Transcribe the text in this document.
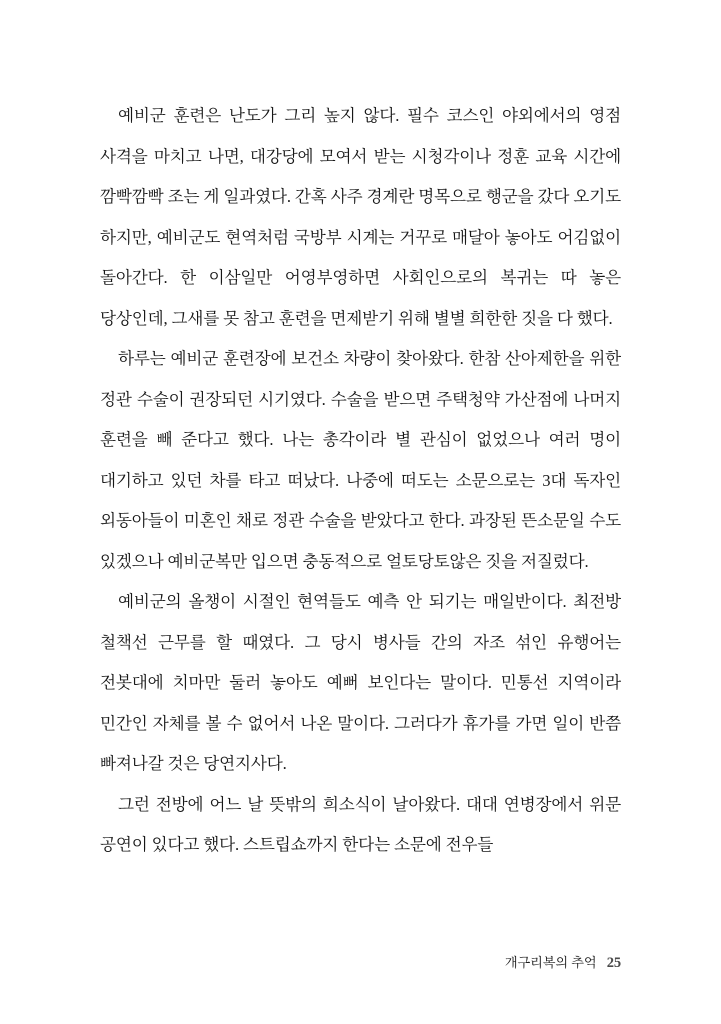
예비군 훈련은 난도가 그리 높지 않다. 필수 코스인 야외에서의 영점 사격을 마치고 나면, 대강당에 모여서 받는 시청각이나 정훈 교육 시간에 깜빡깜빡 조는 게 일과였다. 간혹 사주 경계란 명목으로 행군을 갔다 오기도 하지만, 예비군도 현역처럼 국방부 시계는 거꾸로 매달아 놓아도 어김없이 돌아간다. 한 이삼일만 어영부영하면 사회인으로의 복귀는 따 놓은 당상인데, 그새를 못 참고 훈련을 면제받기 위해 별별 희한한 짓을 다 했다.

하루는 예비군 훈련장에 보건소 차량이 찾아왔다. 한참 산아제한을 위한 정관 수술이 권장되던 시기였다. 수술을 받으면 주택청약 가산점에 나머지 훈련을 빼 준다고 했다. 나는 총각이라 별 관심이 없었으나 여러 명이 대기하고 있던 차를 타고 떠났다. 나중에 떠도는 소문으로는 3대 독자인 외동아들이 미혼인 채로 정관 수술을 받았다고 한다. 과장된 뜬소문일 수도 있겠으나 예비군복만 입으면 충동적으로 얼토당토않은 짓을 저질렀다.

예비군의 올챙이 시절인 현역들도 예측 안 되기는 매일반이다. 최전방 철책선 근무를 할 때였다. 그 당시 병사들 간의 자조 섞인 유행어는 전봇대에 치마만 둘러 놓아도 예뻐 보인다는 말이다. 민통선 지역이라 민간인 자체를 볼 수 없어서 나온 말이다. 그러다가 휴가를 가면 일이 반쯤 빠져나갈 것은 당연지사다.

그런 전방에 어느 날 뜻밖의 희소식이 날아왔다. 대대 연병장에서 위문 공연이 있다고 했다. 스트립쇼까지 한다는 소문에 전우들

개구리복의 추억 25
